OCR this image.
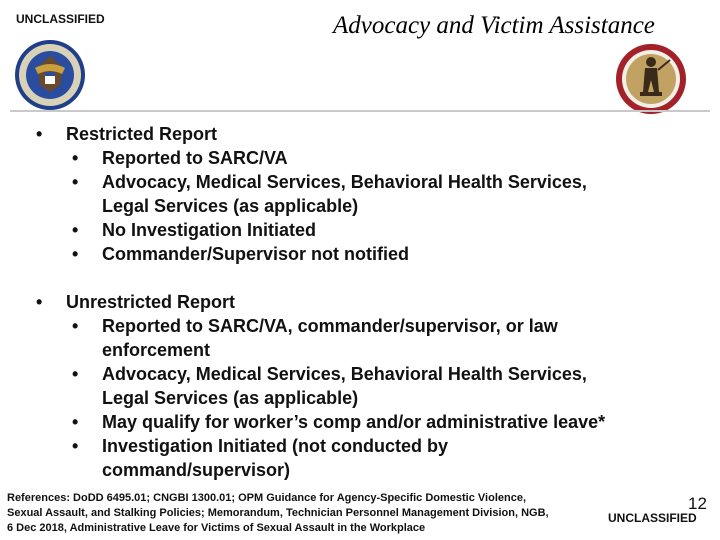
UNCLASSIFIED	Advocacy and Victim Assistance
• Restricted Report
• Reported to SARC/VA
• Advocacy, Medical Services, Behavioral Health Services,
Legal Services (as applicable)
• No Investigation Initiated
• Commander/Supervisor not notified
• Unrestricted Report
• Reported to SARC/VA, commander/supervisor, or law
enforcement
• Advocacy, Medical Services, Behavioral Health Services,
Legal Services (as applicable)
• May qualify for worker’s comp and/or administrative leave*
• Investigation Initiated (not conducted by
command/supervisor)
References: DoDD 6495.01; CNGBI 1300.01; OPM Guidance for Agency-Specific Domestic Violence,
Sexual Assault, and Stalking Policies; Memorandum, Technician Personnel Management Division, NGB,
6 Dec 2018, Administrative Leave for Victims of Sexual Assault in the Workplace
12
UNCLASSIFIED
